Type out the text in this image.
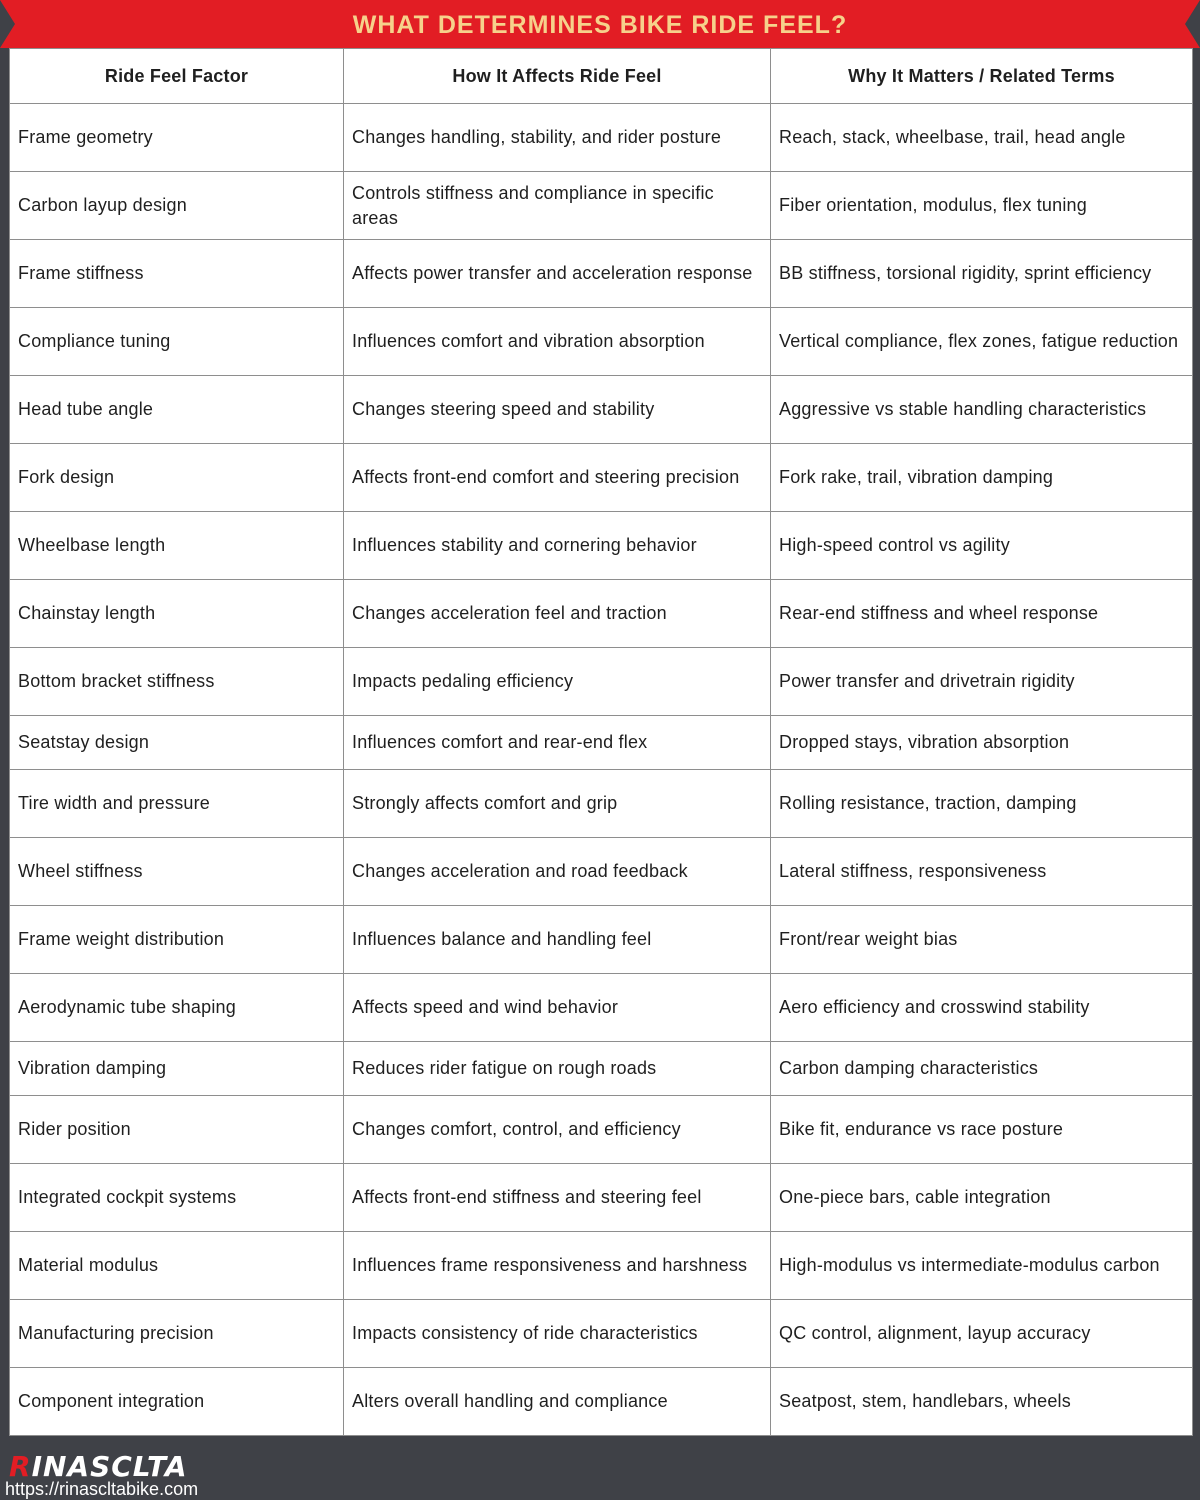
WHAT DETERMINES BIKE RIDE FEEL?
Ride Feel Factor	How It Affects Ride Feel	Why It Matters / Related Terms
Frame geometry	Changes handling, stability, and rider posture	Reach, stack, wheelbase, trail, head angle
Carbon layup design	Controls stiffness and compliance in specific areas	Fiber orientation, modulus, flex tuning
Frame stiffness	Affects power transfer and acceleration response	BB stiffness, torsional rigidity, sprint efficiency
Compliance tuning	Influences comfort and vibration absorption	Vertical compliance, flex zones, fatigue reduction
Head tube angle	Changes steering speed and stability	Aggressive vs stable handling characteristics
Fork design	Affects front-end comfort and steering precision	Fork rake, trail, vibration damping
Wheelbase length	Influences stability and cornering behavior	High-speed control vs agility
Chainstay length	Changes acceleration feel and traction	Rear-end stiffness and wheel response
Bottom bracket stiffness	Impacts pedaling efficiency	Power transfer and drivetrain rigidity
Seatstay design	Influences comfort and rear-end flex	Dropped stays, vibration absorption
Tire width and pressure	Strongly affects comfort and grip	Rolling resistance, traction, damping
Wheel stiffness	Changes acceleration and road feedback	Lateral stiffness, responsiveness
Frame weight distribution	Influences balance and handling feel	Front/rear weight bias
Aerodynamic tube shaping	Affects speed and wind behavior	Aero efficiency and crosswind stability
Vibration damping	Reduces rider fatigue on rough roads	Carbon damping characteristics
Rider position	Changes comfort, control, and efficiency	Bike fit, endurance vs race posture
Integrated cockpit systems	Affects front-end stiffness and steering feel	One-piece bars, cable integration
Material modulus	Influences frame responsiveness and harshness	High-modulus vs intermediate-modulus carbon
Manufacturing precision	Impacts consistency of ride characteristics	QC control, alignment, layup accuracy
Component integration	Alters overall handling and compliance	Seatpost, stem, handlebars, wheels
RINASCLTA
https://rinascltabike.com
